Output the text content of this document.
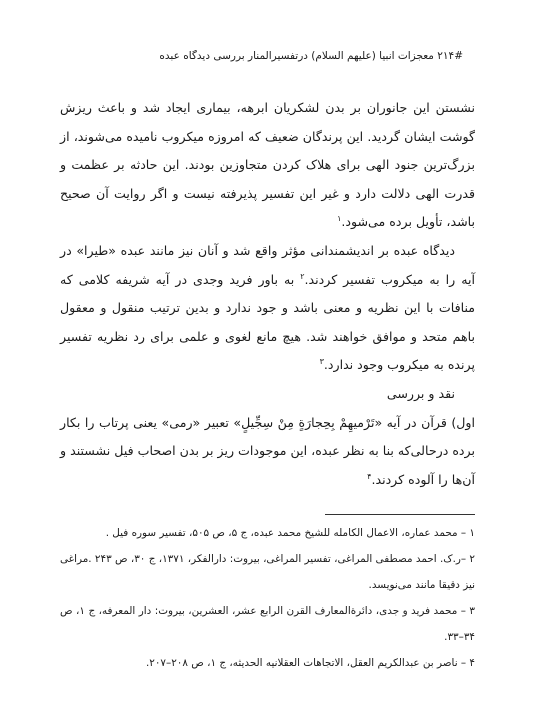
۲۱۴# معجزات انبیا (علیهم السلام) درتفسیرالمنار بررسی دیدگاه عبده

نشستن این جانوران بر بدن لشکریان ابرهه، بیماری ایجاد شد و باعث ریزش گوشت ایشان گردید. این پرندگان ضعیف که امروزه میکروب نامیده می‌شوند، از بزرگ‌ترین جنود الهی برای هلاک کردن متجاوزین بودند. این حادثه بر عظمت و قدرت الهی دلالت دارد و غیر این تفسیر پذیرفته نیست و اگر روایت آن صحیح باشد، تأویل برده می‌شود.$^۱$

دیدگاه عبده بر اندیشمندانی مؤثر واقع شد و آنان نیز مانند عبده «طیرا» در آیه را به میکروب تفسیر کردند.$^۲$ به باور فرید وجدی در آیه شریفه کلامی که منافات با این نظریه و معنی باشد و جود ندارد و بدین ترتیب منقول و معقول باهم متحد و موافق خواهند شد. هیچ مانع لغوی و علمی برای رد نظریه تفسیر پرنده به میکروب وجود ندارد.$^۳$

نقد و بررسی

اول) قرآن در آیه «تَرْمیهِمْ بِحِجارَةٍ مِنْ سِجِّیلٍ» تعبیر «رمی» یعنی پرتاب را بکار برده درحالی‌که بنا به نظر عبده، این موجودات ریز بر بدن اصحاب فیل نشستند و آن‌ها را آلوده کردند.$^۴$

۱ – محمد عماره، الاعمال الکامله للشیخ محمد عبده، ج ۵، ص ۵۰۵، تفسیر سوره فیل .
۲ –ر.ک. احمد مصطفی المراغی، تفسیر المراغی، بیروت: دارالفکر، ۱۳۷۱، ج ۳۰، ص ۲۴۳ .مراغی نیز دقیقا مانند می‌نویسد.
۳ – محمد فرید و جدی، دائرةالمعارف القرن الرابع عشر، العشرین، بیروت: دار المعرفه، ج ۱، ص ۳۴–۳۳.
۴ – ناصر بن عبدالکریم العقل، الاتجاهات العقلانیه الحدیثه، ج ۱، ص ۲۰۸–۲۰۷.
